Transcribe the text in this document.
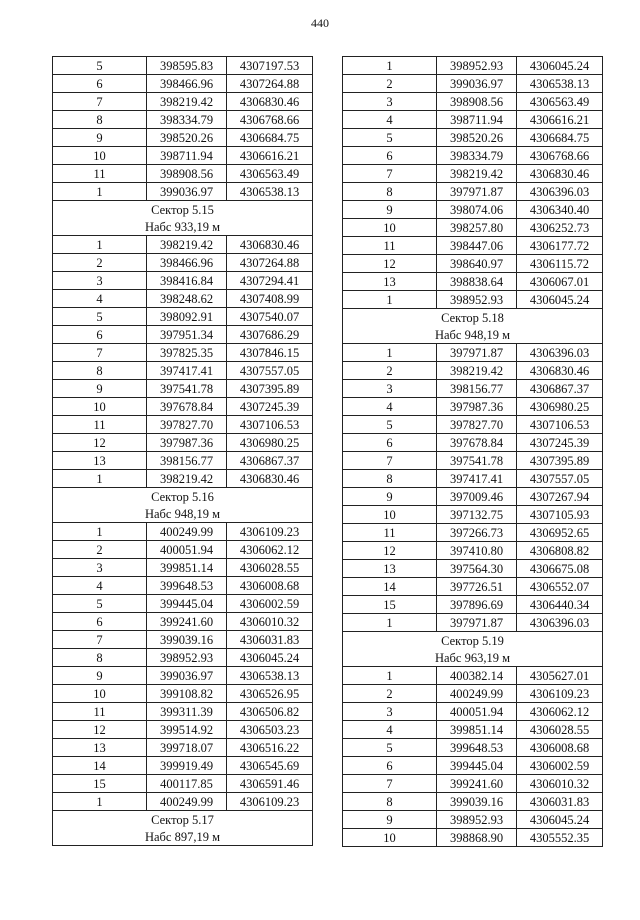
440
5	398595.83	4307197.53
6	398466.96	4307264.88
7	398219.42	4306830.46
8	398334.79	4306768.66
9	398520.26	4306684.75
10	398711.94	4306616.21
11	398908.56	4306563.49
1	399036.97	4306538.13
Сектор 5.15		
Набс 933,19 м		
1	398219.42	4306830.46
2	398466.96	4307264.88
3	398416.84	4307294.41
4	398248.62	4307408.99
5	398092.91	4307540.07
6	397951.34	4307686.29
7	397825.35	4307846.15
8	397417.41	4307557.05
9	397541.78	4307395.89
10	397678.84	4307245.39
11	397827.70	4307106.53
12	397987.36	4306980.25
13	398156.77	4306867.37
1	398219.42	4306830.46
Сектор 5.16		
Набс 948,19 м		
1	400249.99	4306109.23
2	400051.94	4306062.12
3	399851.14	4306028.55
4	399648.53	4306008.68
5	399445.04	4306002.59
6	399241.60	4306010.32
7	399039.16	4306031.83
8	398952.93	4306045.24
9	399036.97	4306538.13
10	399108.82	4306526.95
11	399311.39	4306506.82
12	399514.92	4306503.23
13	399718.07	4306516.22
14	399919.49	4306545.69
15	400117.85	4306591.46
1	400249.99	4306109.23
Сектор 5.17		
Набс 897,19 м		
1	398952.93	4306045.24
2	399036.97	4306538.13
3	398908.56	4306563.49
4	398711.94	4306616.21
5	398520.26	4306684.75
6	398334.79	4306768.66
7	398219.42	4306830.46
8	397971.87	4306396.03
9	398074.06	4306340.40
10	398257.80	4306252.73
11	398447.06	4306177.72
12	398640.97	4306115.72
13	398838.64	4306067.01
1	398952.93	4306045.24
Сектор 5.18		
Набс 948,19 м		
1	397971.87	4306396.03
2	398219.42	4306830.46
3	398156.77	4306867.37
4	397987.36	4306980.25
5	397827.70	4307106.53
6	397678.84	4307245.39
7	397541.78	4307395.89
8	397417.41	4307557.05
9	397009.46	4307267.94
10	397132.75	4307105.93
11	397266.73	4306952.65
12	397410.80	4306808.82
13	397564.30	4306675.08
14	397726.51	4306552.07
15	397896.69	4306440.34
1	397971.87	4306396.03
Сектор 5.19		
Набс 963,19 м		
1	400382.14	4305627.01
2	400249.99	4306109.23
3	400051.94	4306062.12
4	399851.14	4306028.55
5	399648.53	4306008.68
6	399445.04	4306002.59
7	399241.60	4306010.32
8	399039.16	4306031.83
9	398952.93	4306045.24
10	398868.90	4305552.35
